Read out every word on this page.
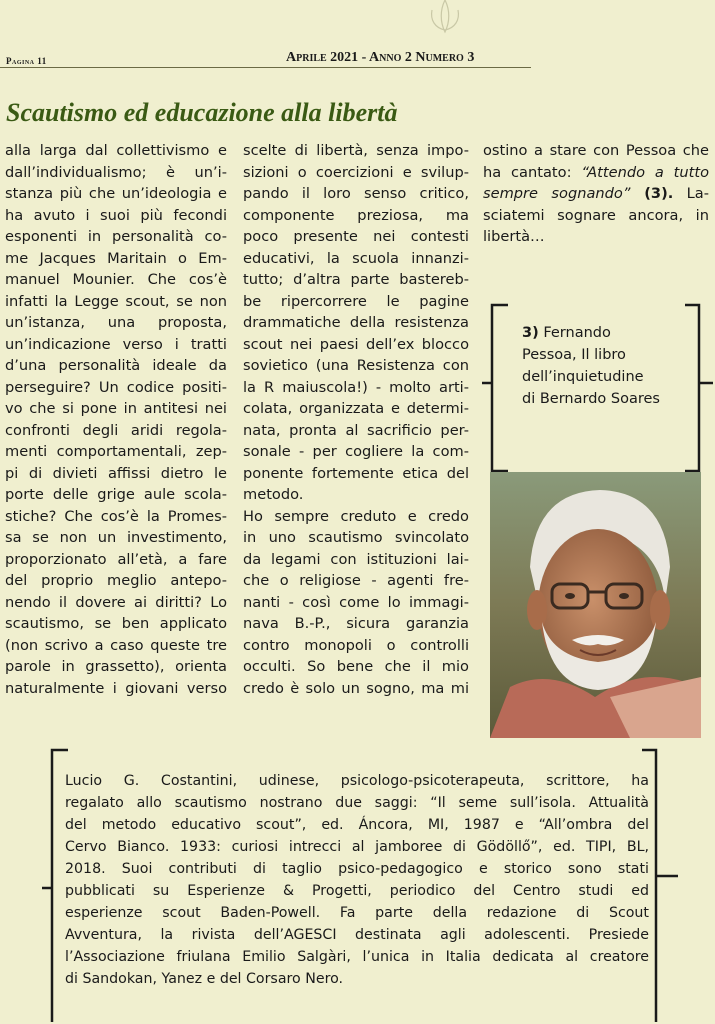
Pagina 11	Aprile 2021 - Anno 2 Numero 3
Scautismo ed educazione alla libertà
alla larga dal collettivismo e
dall’individualismo; è un’i-
stanza più che un’ideologia e
ha avuto i suoi più fecondi
esponenti in personalità co-
me Jacques Maritain o Em-
manuel Mounier. Che cos’è
infatti la Legge scout, se non
un’istanza, una proposta,
un’indicazione verso i tratti
d’una personalità ideale da
perseguire? Un codice positi-
vo che si pone in antitesi nei
confronti degli aridi regola-
menti comportamentali, zep-
pi di divieti affissi dietro le
porte delle grige aule scola-
stiche? Che cos’è la Promes-
sa se non un investimento,
proporzionato all’età, a fare
del proprio meglio antepo-
nendo il dovere ai diritti? Lo
scautismo, se ben applicato
(non scrivo a caso queste tre
parole in grassetto), orienta
naturalmente i giovani verso
scelte di libertà, senza impo-
sizioni o coercizioni e svilup-
pando il loro senso critico,
componente preziosa, ma
poco presente nei contesti
educativi, la scuola innanzi-
tutto; d’altra parte bastereb-
be ripercorrere le pagine
drammatiche della resistenza
scout nei paesi dell’ex blocco
sovietico (una Resistenza con
la R maiuscola!) - molto arti-
colata, organizzata e determi-
nata, pronta al sacrificio per-
sonale - per cogliere la com-
ponente fortemente etica del
metodo.
Ho sempre creduto e credo
in uno scautismo svincolato
da legami con istituzioni lai-
che o religiose - agenti fre-
nanti - così come lo immagi-
nava B.-P., sicura garanzia
contro monopoli o controlli
occulti. So bene che il mio
credo è solo un sogno, ma mi
ostino a stare con Pessoa che
ha cantato: “Attendo a tutto
sempre sognando” (3). La-
sciatemi sognare ancora, in
libertà…
3) Fernando
Pessoa, Il libro
dell’inquietudine
di Bernardo Soares
Lucio G. Costantini, udinese, psicologo-psicoterapeuta, scrittore, ha
regalato allo scautismo nostrano due saggi: “Il seme sull’isola. Attualità
del metodo educativo scout”, ed. Áncora, MI, 1987 e “All’ombra del
Cervo Bianco. 1933: curiosi intrecci al jamboree di Gödöllő”, ed. TIPI, BL,
2018. Suoi contributi di taglio psico-pedagogico e storico sono stati
pubblicati su Esperienze & Progetti, periodico del Centro studi ed
esperienze scout Baden-Powell. Fa parte della redazione di Scout
Avventura, la rivista dell’AGESCI destinata agli adolescenti. Presiede
l’Associazione friulana Emilio Salgàri, l’unica in Italia dedicata al creatore
di Sandokan, Yanez e del Corsaro Nero.
